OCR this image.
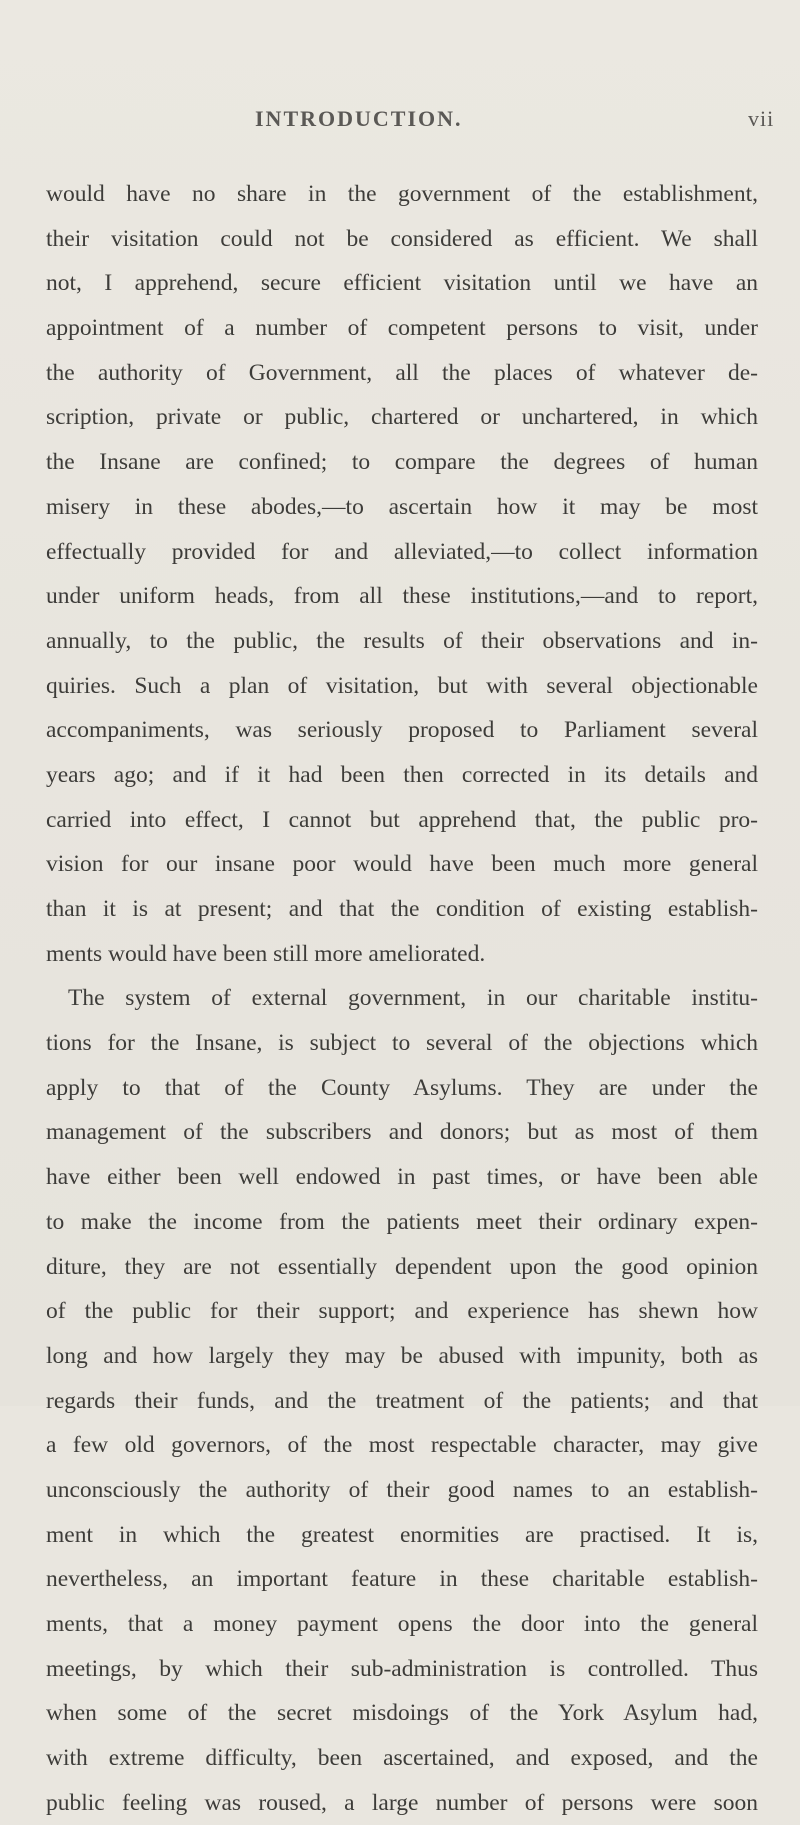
INTRODUCTION.	vii
would have no share in the government of the establishment,
their visitation could not be considered as efficient. We shall
not, I apprehend, secure efficient visitation until we have an
appointment of a number of competent persons to visit, under
the authority of Government, all the places of whatever de-
scription, private or public, chartered or unchartered, in which
the Insane are confined; to compare the degrees of human
misery in these abodes,—to ascertain how it may be most
effectually provided for and alleviated,—to collect information
under uniform heads, from all these institutions,—and to report,
annually, to the public, the results of their observations and in-
quiries. Such a plan of visitation, but with several objectionable
accompaniments, was seriously proposed to Parliament several
years ago; and if it had been then corrected in its details and
carried into effect, I cannot but apprehend that, the public pro-
vision for our insane poor would have been much more general
than it is at present; and that the condition of existing establish-
ments would have been still more ameliorated.
The system of external government, in our charitable institu-
tions for the Insane, is subject to several of the objections which
apply to that of the County Asylums. They are under the
management of the subscribers and donors; but as most of them
have either been well endowed in past times, or have been able
to make the income from the patients meet their ordinary expen-
diture, they are not essentially dependent upon the good opinion
of the public for their support; and experience has shewn how
long and how largely they may be abused with impunity, both as
regards their funds, and the treatment of the patients; and that
a few old governors, of the most respectable character, may give
unconsciously the authority of their good names to an establish-
ment in which the greatest enormities are practised. It is,
nevertheless, an important feature in these charitable establish-
ments, that a money payment opens the door into the general
meetings, by which their sub-administration is controlled. Thus
when some of the secret misdoings of the York Asylum had,
with extreme difficulty, been ascertained, and exposed, and the
public feeling was roused, a large number of persons were soon
